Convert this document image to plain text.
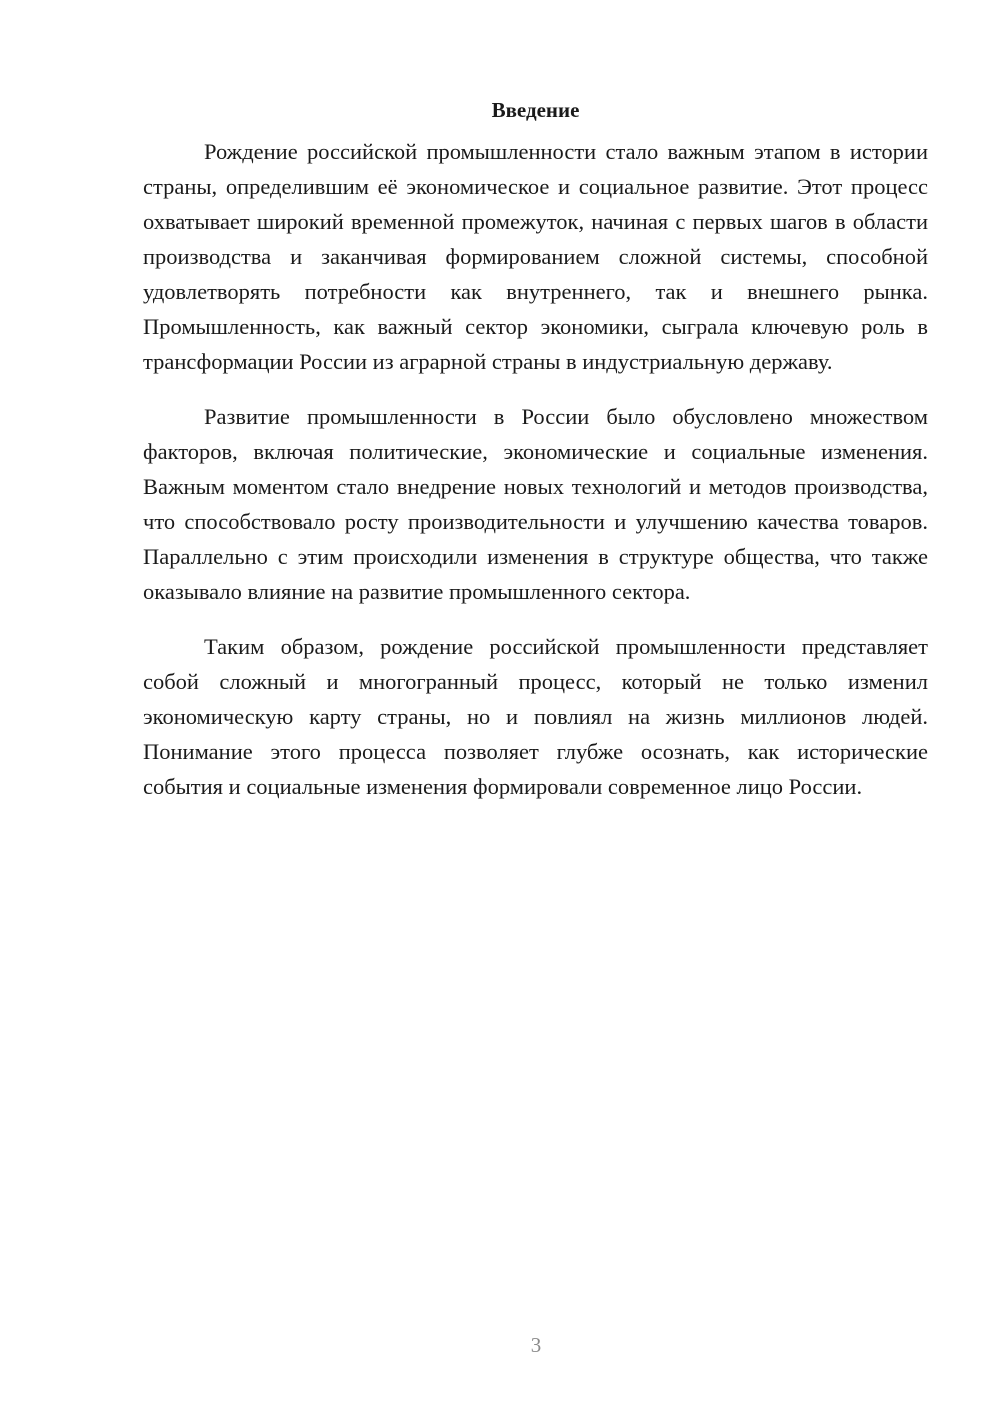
Введение

Рождение российской промышленности стало важным этапом в истории страны, определившим её экономическое и социальное развитие. Этот процесс охватывает широкий временной промежуток, начиная с первых шагов в области производства и заканчивая формированием сложной системы, способной удовлетворять потребности как внутреннего, так и внешнего рынка. Промышленность, как важный сектор экономики, сыграла ключевую роль в трансформации России из аграрной страны в индустриальную державу.

Развитие промышленности в России было обусловлено множеством факторов, включая политические, экономические и социальные изменения. Важным моментом стало внедрение новых технологий и методов производства, что способствовало росту производительности и улучшению качества товаров. Параллельно с этим происходили изменения в структуре общества, что также оказывало влияние на развитие промышленного сектора.

Таким образом, рождение российской промышленности представляет собой сложный и многогранный процесс, который не только изменил экономическую карту страны, но и повлиял на жизнь миллионов людей. Понимание этого процесса позволяет глубже осознать, как исторические события и социальные изменения формировали современное лицо России.

3
